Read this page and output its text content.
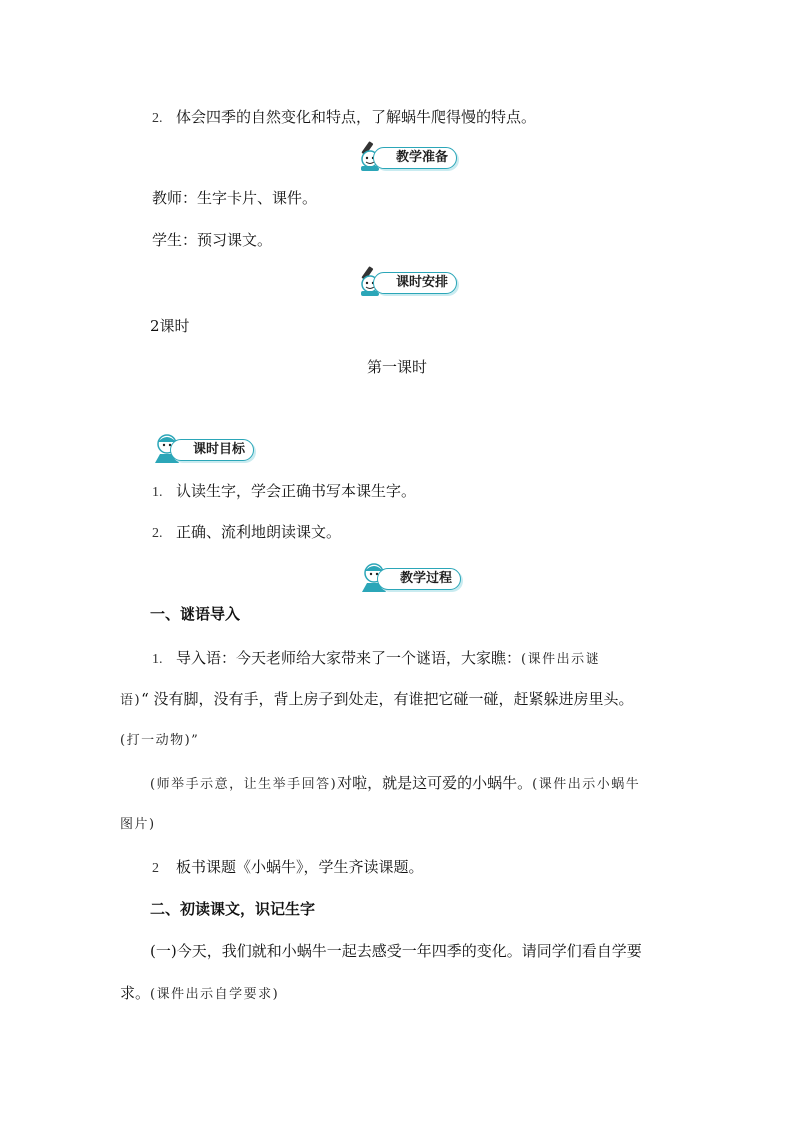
2. 体会四季的自然变化和特点，了解蜗牛爬得慢的特点。
教学准备
教师：生字卡片、课件。
学生：预习课文。
课时安排
2课时
第一课时
课时目标
1. 认读生字，学会正确书写本课生字。
2. 正确、流利地朗读课文。
教学过程
一、谜语导入
1. 导入语：今天老师给大家带来了一个谜语，大家瞧：(课件出示谜
语)“ 没有脚，没有手，背上房子到处走，有谁把它碰一碰，赶紧躲进房里头。
(打一动物)”
(师举手示意，让生举手回答)对啦，就是这可爱的小蜗牛。(课件出示小蜗牛
图片)
2 板书课题《小蜗牛》，学生齐读课题。
二、初读课文，识记生字
(一)今天，我们就和小蜗牛一起去感受一年四季的变化。请同学们看自学要
求。(课件出示自学要求)
